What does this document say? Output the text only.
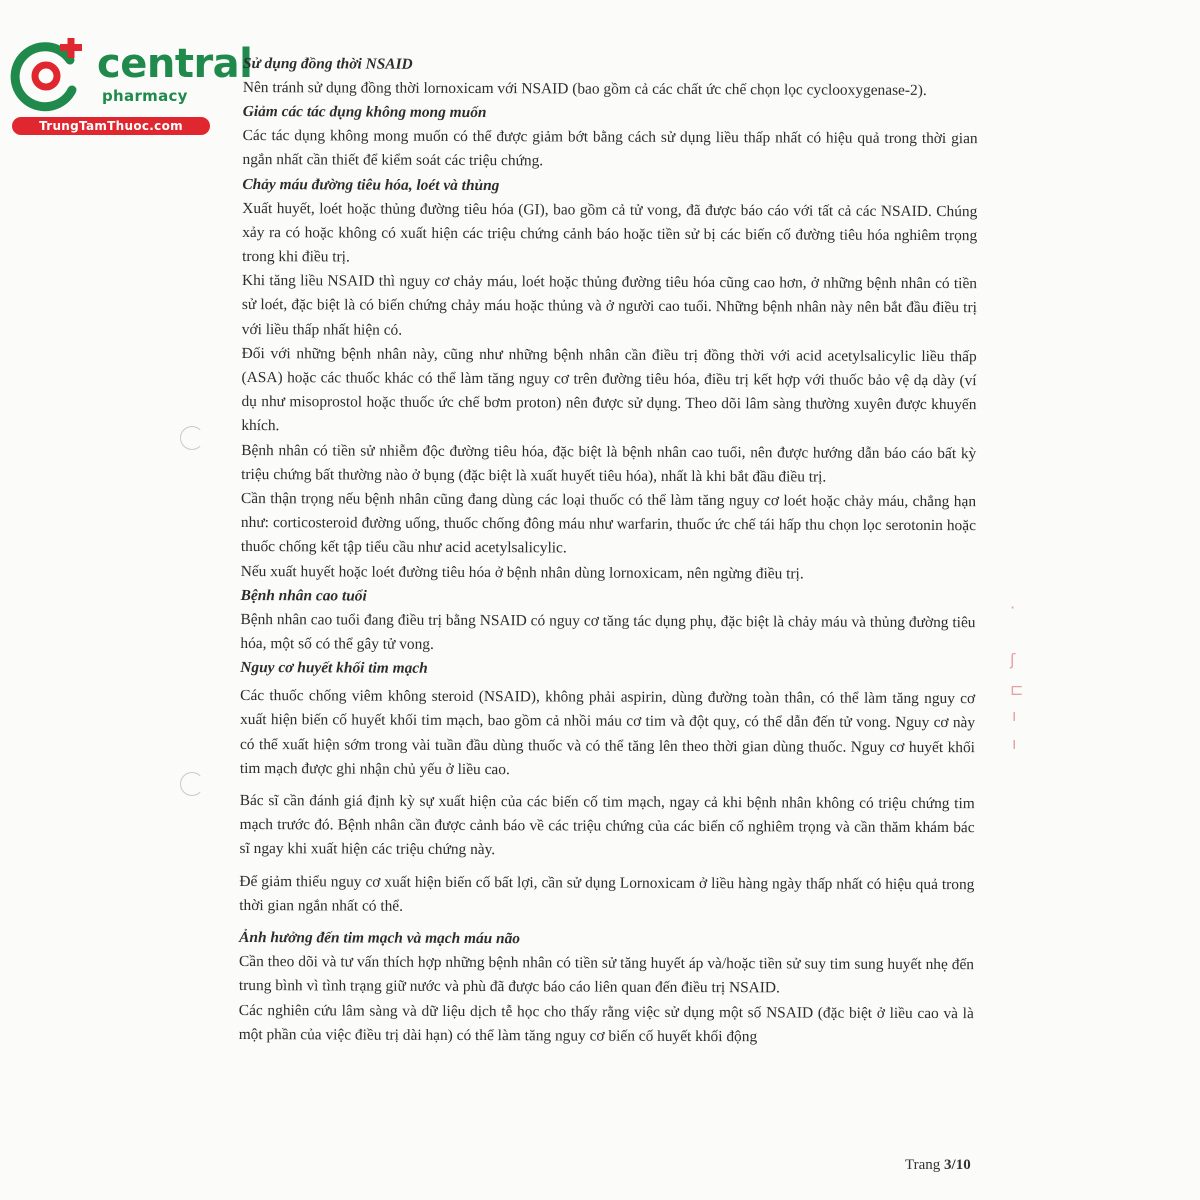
central
pharmacy
TrungTamThuoc.com
·
ʃ
⊏
ı
ı
Sử dụng đồng thời NSAID

Nên tránh sử dụng đồng thời lornoxicam với NSAID (bao gồm cả các chất ức chế chọn lọc cyclooxygenase-2).

Giảm các tác dụng không mong muốn

Các tác dụng không mong muốn có thể được giảm bớt bằng cách sử dụng liều thấp nhất có hiệu quả trong thời gian ngắn nhất cần thiết để kiểm soát các triệu chứng.

Chảy máu đường tiêu hóa, loét và thủng

Xuất huyết, loét hoặc thủng đường tiêu hóa (GI), bao gồm cả tử vong, đã được báo cáo với tất cả các NSAID. Chúng xảy ra có hoặc không có xuất hiện các triệu chứng cảnh báo hoặc tiền sử bị các biến cố đường tiêu hóa nghiêm trọng trong khi điều trị.

Khi tăng liều NSAID thì nguy cơ chảy máu, loét hoặc thủng đường tiêu hóa cũng cao hơn, ở những bệnh nhân có tiền sử loét, đặc biệt là có biến chứng chảy máu hoặc thủng và ở người cao tuổi. Những bệnh nhân này nên bắt đầu điều trị với liều thấp nhất hiện có.

Đối với những bệnh nhân này, cũng như những bệnh nhân cần điều trị đồng thời với acid acetylsalicylic liều thấp (ASA) hoặc các thuốc khác có thể làm tăng nguy cơ trên đường tiêu hóa, điều trị kết hợp với thuốc bảo vệ dạ dày (ví dụ như misoprostol hoặc thuốc ức chế bơm proton) nên được sử dụng. Theo dõi lâm sàng thường xuyên được khuyến khích.

Bệnh nhân có tiền sử nhiễm độc đường tiêu hóa, đặc biệt là bệnh nhân cao tuổi, nên được hướng dẫn báo cáo bất kỳ triệu chứng bất thường nào ở bụng (đặc biệt là xuất huyết tiêu hóa), nhất là khi bắt đầu điều trị.

Cần thận trọng nếu bệnh nhân cũng đang dùng các loại thuốc có thể làm tăng nguy cơ loét hoặc chảy máu, chẳng hạn như: corticosteroid đường uống, thuốc chống đông máu như warfarin, thuốc ức chế tái hấp thu chọn lọc serotonin hoặc thuốc chống kết tập tiểu cầu như acid acetylsalicylic.

Nếu xuất huyết hoặc loét đường tiêu hóa ở bệnh nhân dùng lornoxicam, nên ngừng điều trị.

Bệnh nhân cao tuổi

Bệnh nhân cao tuổi đang điều trị bằng NSAID có nguy cơ tăng tác dụng phụ, đặc biệt là chảy máu và thủng đường tiêu hóa, một số có thể gây tử vong.

Nguy cơ huyết khối tim mạch

Các thuốc chống viêm không steroid (NSAID), không phải aspirin, dùng đường toàn thân, có thể làm tăng nguy cơ xuất hiện biến cố huyết khối tim mạch, bao gồm cả nhồi máu cơ tim và đột quỵ, có thể dẫn đến tử vong. Nguy cơ này có thể xuất hiện sớm trong vài tuần đầu dùng thuốc và có thể tăng lên theo thời gian dùng thuốc. Nguy cơ huyết khối tim mạch được ghi nhận chủ yếu ở liều cao.

Bác sĩ cần đánh giá định kỳ sự xuất hiện của các biến cố tim mạch, ngay cả khi bệnh nhân không có triệu chứng tim mạch trước đó. Bệnh nhân cần được cảnh báo về các triệu chứng của các biến cố nghiêm trọng và cần thăm khám bác sĩ ngay khi xuất hiện các triệu chứng này.

Để giảm thiểu nguy cơ xuất hiện biến cố bất lợi, cần sử dụng Lornoxicam ở liều hàng ngày thấp nhất có hiệu quả trong thời gian ngắn nhất có thể.

Ảnh hưởng đến tim mạch và mạch máu não

Cần theo dõi và tư vấn thích hợp những bệnh nhân có tiền sử tăng huyết áp và/hoặc tiền sử suy tim sung huyết nhẹ đến trung bình vì tình trạng giữ nước và phù đã được báo cáo liên quan đến điều trị NSAID.

Các nghiên cứu lâm sàng và dữ liệu dịch tễ học cho thấy rằng việc sử dụng một số NSAID (đặc biệt ở liều cao và là một phần của việc điều trị dài hạn) có thể làm tăng nguy cơ biến cố huyết khối động

Trang 3/10
